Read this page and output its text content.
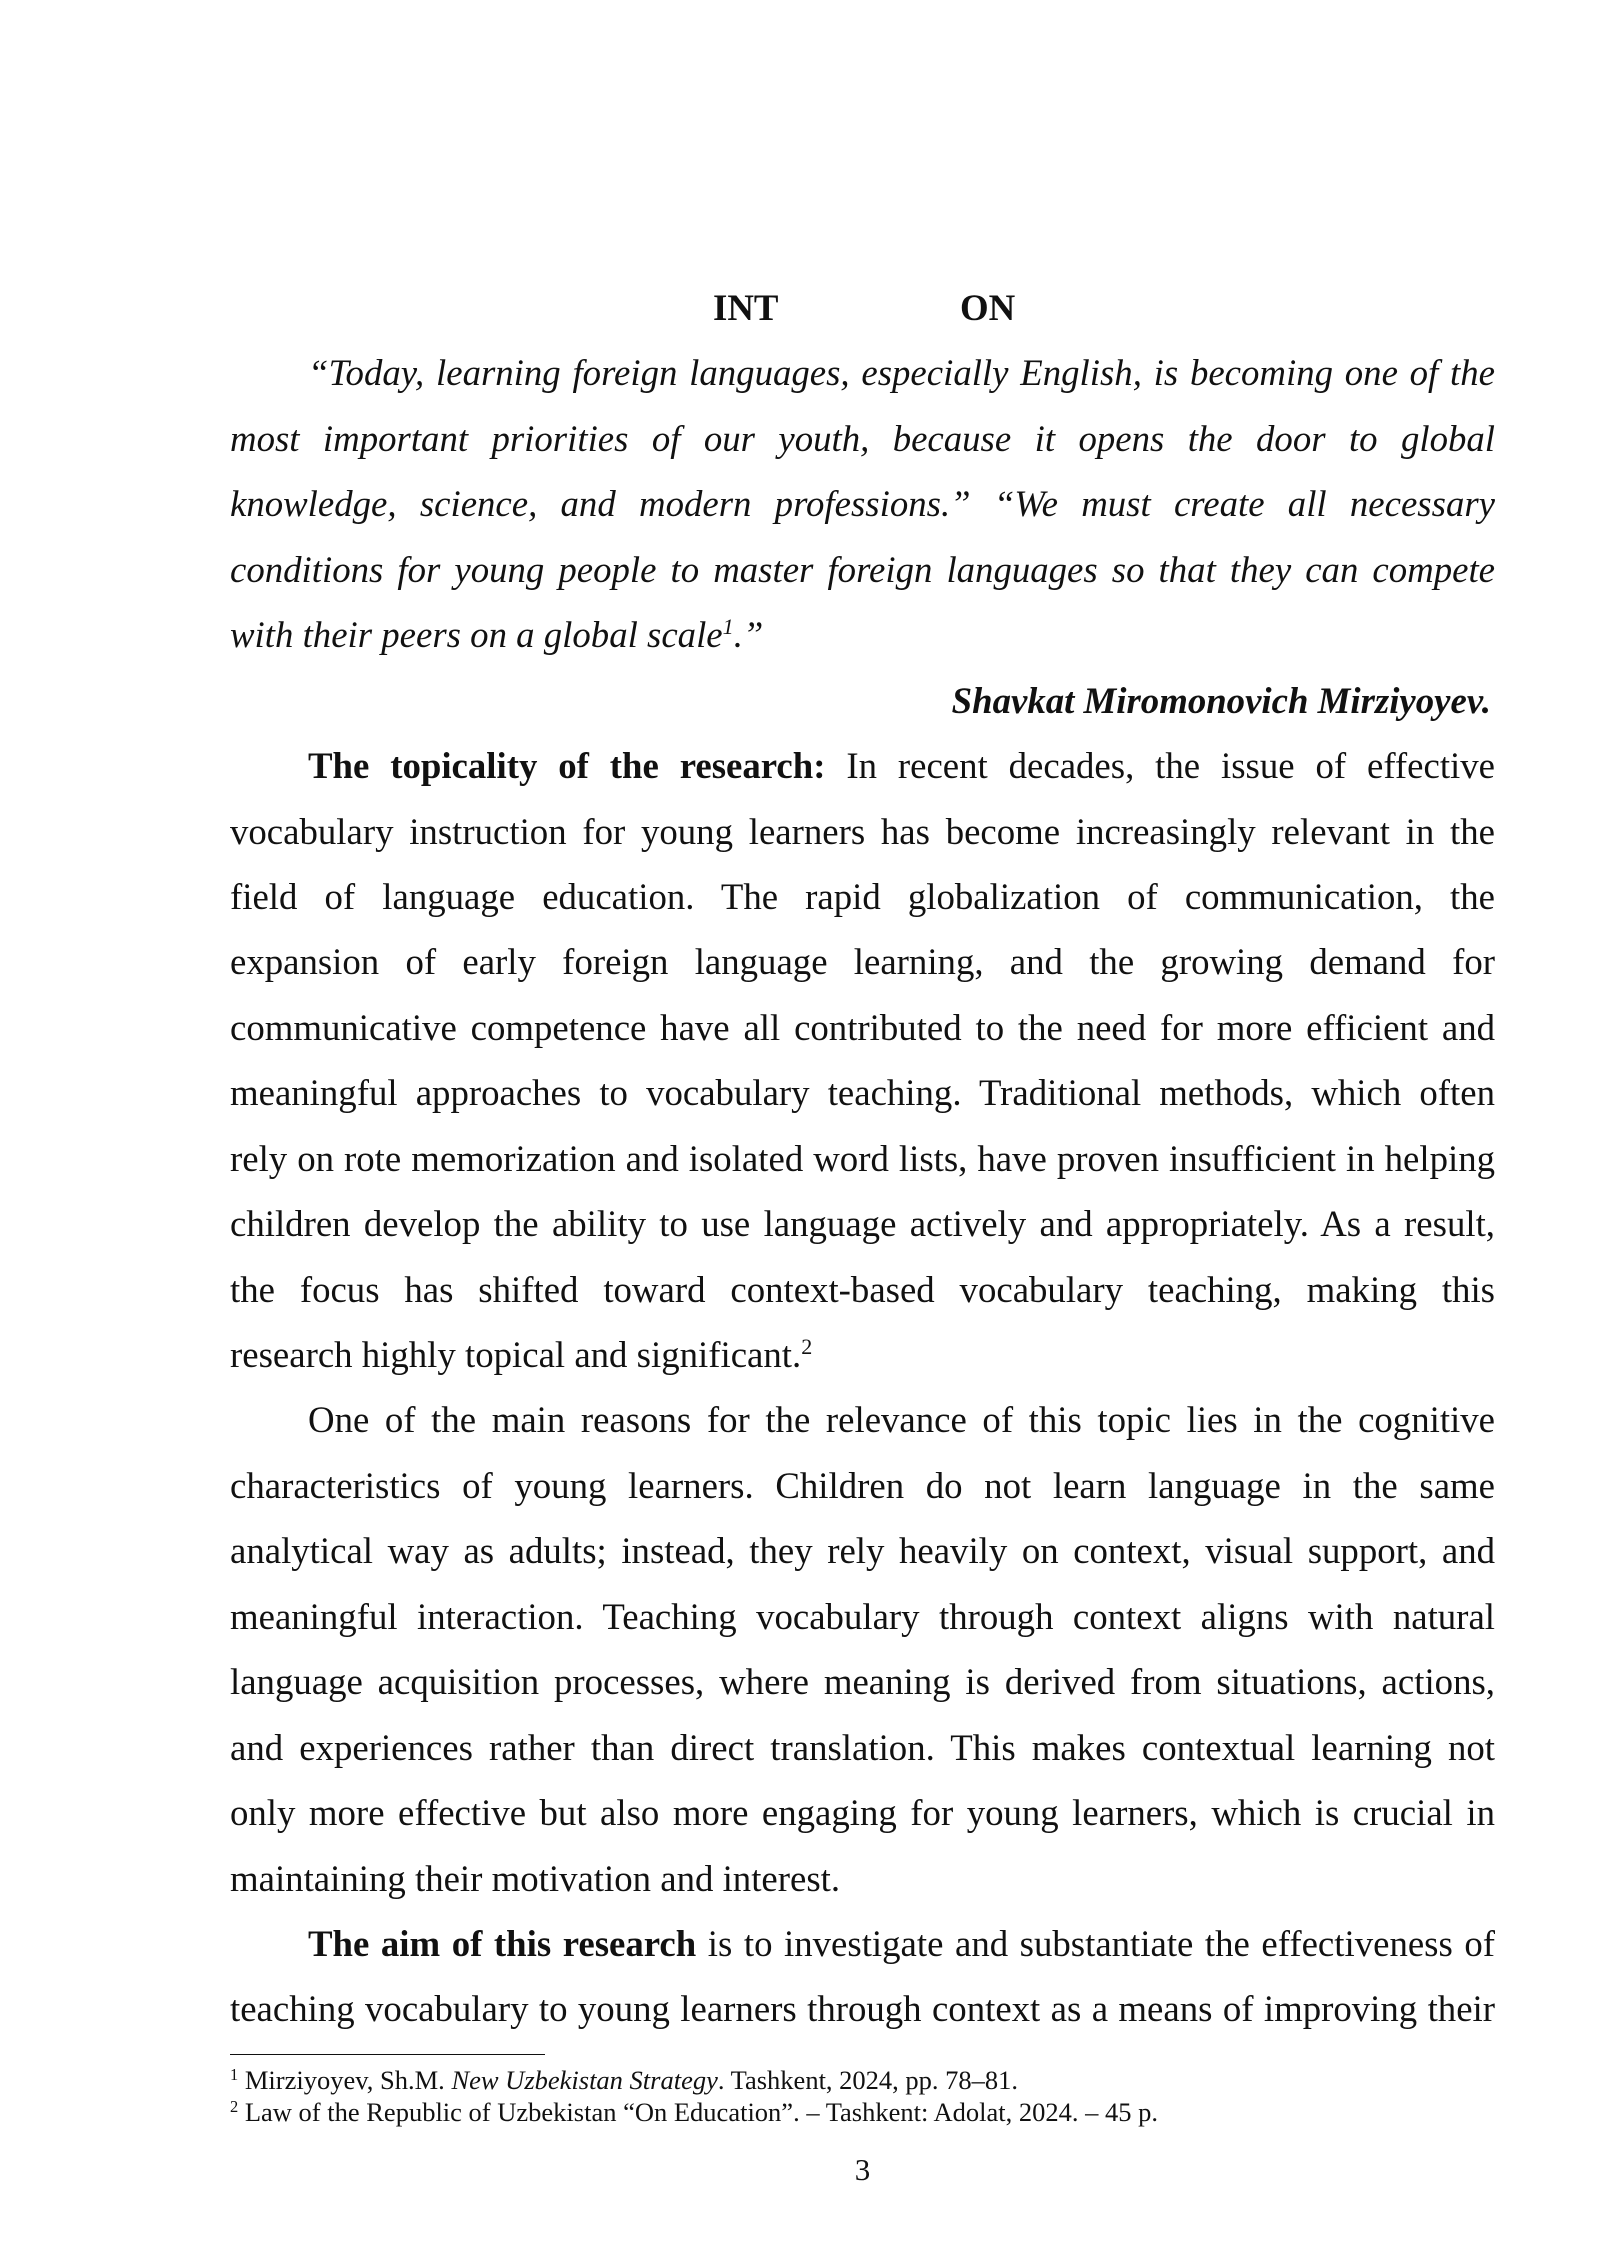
INT	ON
“Today, learning foreign languages, especially English, is becoming one of the
most important priorities of our youth, because it opens the door to global
knowledge, science, and modern professions.” “We must create all necessary
conditions for young people to master foreign languages so that they can compete
with their peers on a global scale$^1$.”
Shavkat Miromonovich Mirziyoyev.
The topicality of the research: In recent decades, the issue of effective
vocabulary instruction for young learners has become increasingly relevant in the
field of language education. The rapid globalization of communication, the
expansion of early foreign language learning, and the growing demand for
communicative competence have all contributed to the need for more efficient and
meaningful approaches to vocabulary teaching. Traditional methods, which often
rely on rote memorization and isolated word lists, have proven insufficient in helping
children develop the ability to use language actively and appropriately. As a result,
the focus has shifted toward context-based vocabulary teaching, making this
research highly topical and significant.$^2$
One of the main reasons for the relevance of this topic lies in the cognitive
characteristics of young learners. Children do not learn language in the same
analytical way as adults; instead, they rely heavily on context, visual support, and
meaningful interaction. Teaching vocabulary through context aligns with natural
language acquisition processes, where meaning is derived from situations, actions,
and experiences rather than direct translation. This makes contextual learning not
only more effective but also more engaging for young learners, which is crucial in
maintaining their motivation and interest.
The aim of this research is to investigate and substantiate the effectiveness of
teaching vocabulary to young learners through context as a means of improving their
$^1$ Mirziyoyev, Sh.M. New Uzbekistan Strategy. Tashkent, 2024, pp. 78–81.
$^2$ Law of the Republic of Uzbekistan “On Education”. – Tashkent: Adolat, 2024. – 45 p.
3
